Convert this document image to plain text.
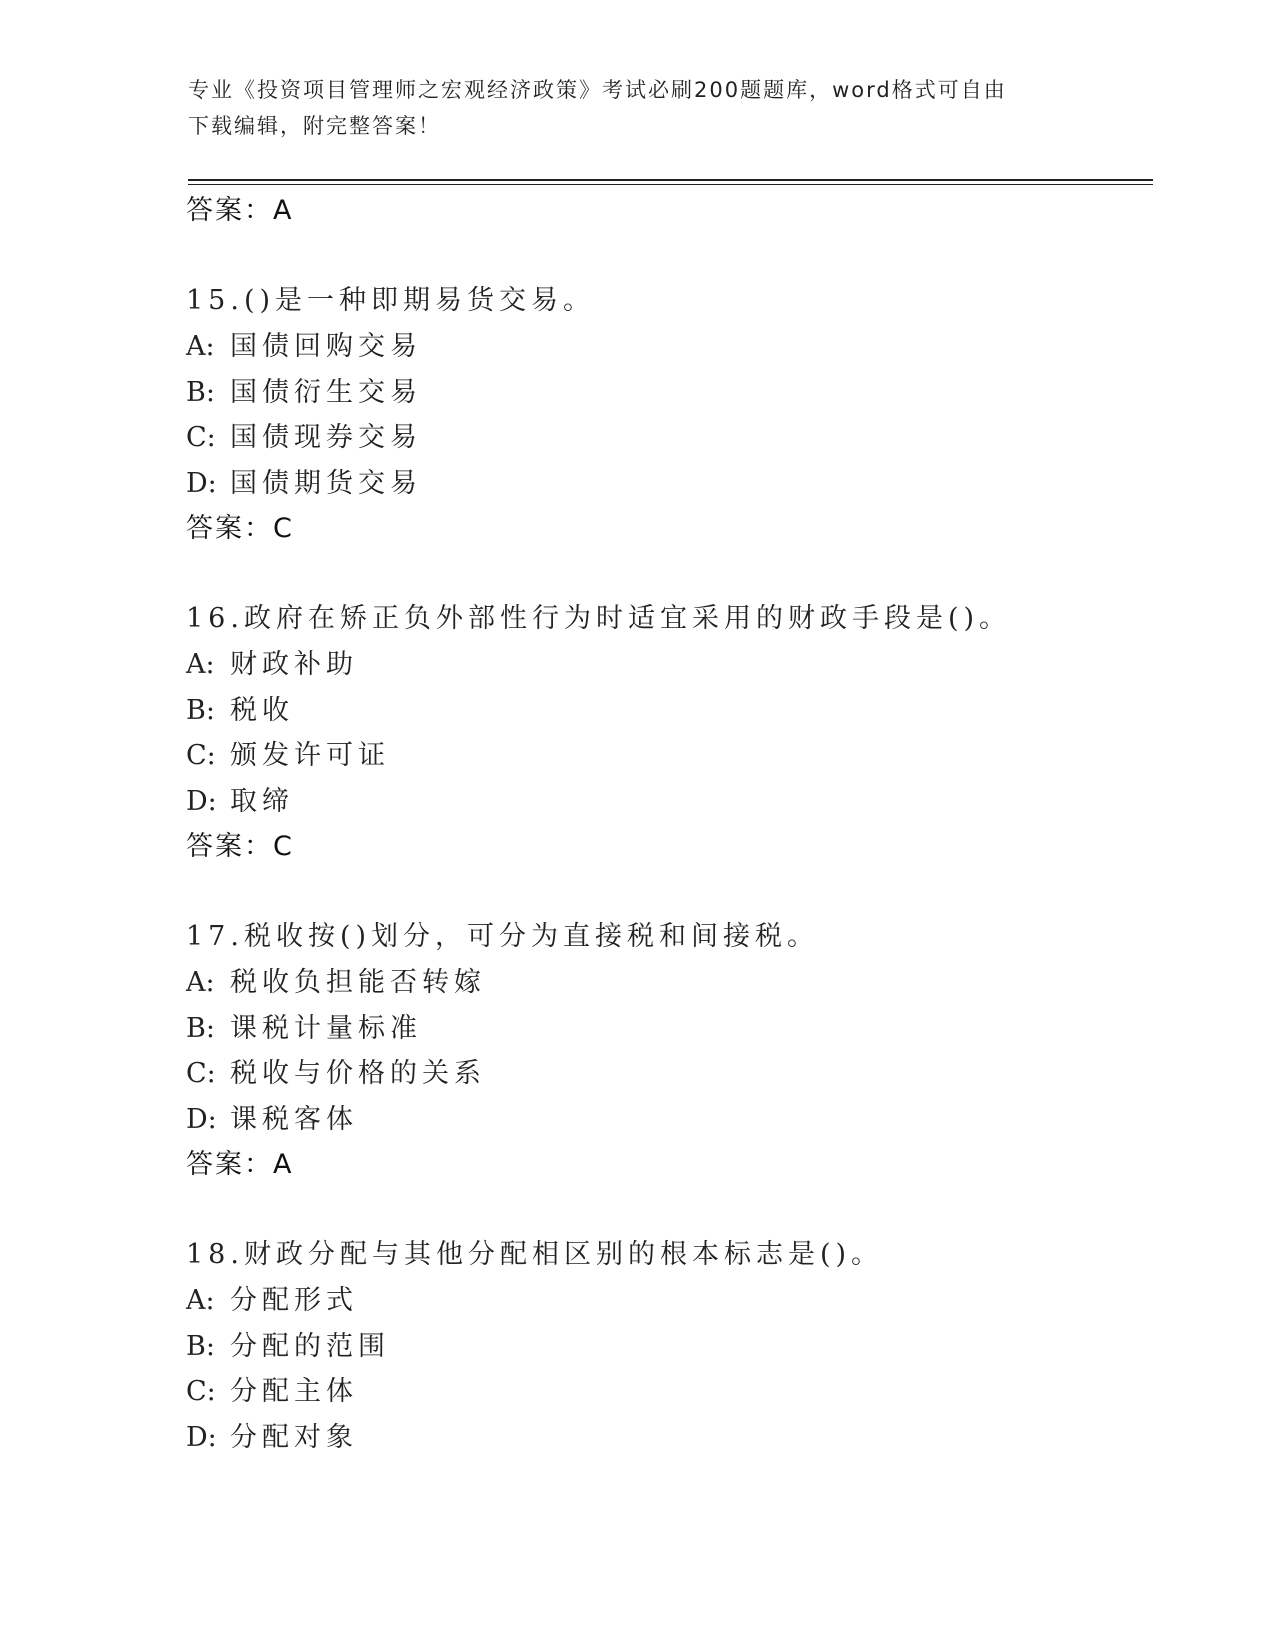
专业《投资项目管理师之宏观经济政策》考试必刷200题题库，word格式可自由
下载编辑，附完整答案！
答案：A
15.()是一种即期易货交易。
A: 国债回购交易
B: 国债衍生交易
C: 国债现券交易
D: 国债期货交易
答案：C
16.政府在矫正负外部性行为时适宜采用的财政手段是()。
A: 财政补助
B: 税收
C: 颁发许可证
D: 取缔
答案：C
17.税收按()划分，可分为直接税和间接税。
A: 税收负担能否转嫁
B: 课税计量标准
C: 税收与价格的关系
D: 课税客体
答案：A
18.财政分配与其他分配相区别的根本标志是()。
A: 分配形式
B: 分配的范围
C: 分配主体
D: 分配对象
